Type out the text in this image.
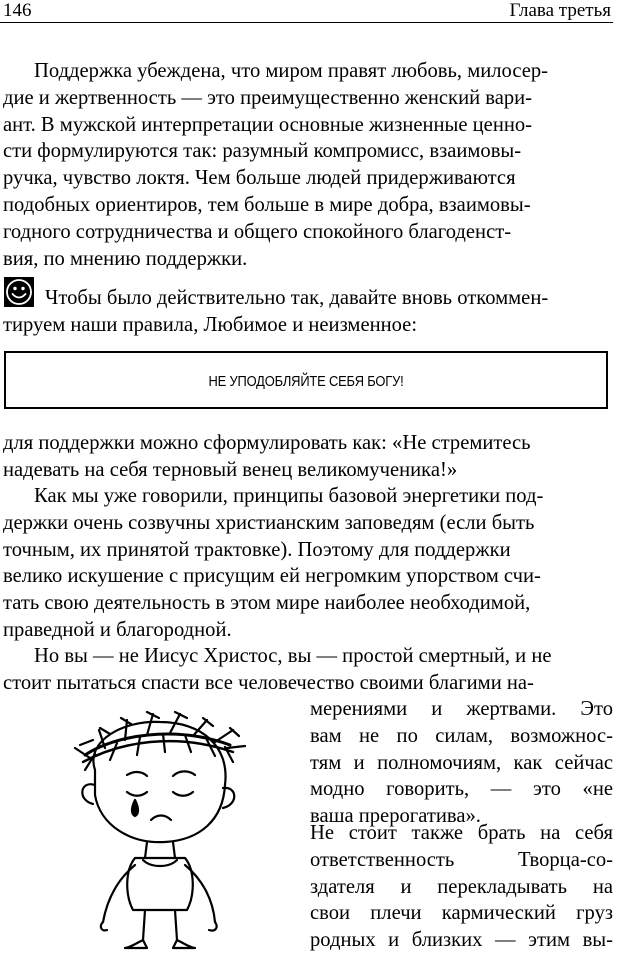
146	Глава третья
Поддержка убеждена, что миром правят любовь, милосер-
дие и жертвенность — это преимущественно женский вари-
ант. В мужской интерпретации основные жизненные ценно-
сти формулируются так: разумный компромисс, взаимовы-
ручка, чувство локтя. Чем больше людей придерживаются
подобных ориентиров, тем больше в мире добра, взаимовы-
годного сотрудничества и общего спокойного благоденст-
вия, по мнению поддержки.
Чтобы было действительно так, давайте вновь откоммен-
тируем наши правила, Любимое и неизменное:
НЕ УПОДОБЛЯЙТЕ СЕБЯ БОГУ!
для поддержки можно сформулировать как: «Не стремитесь
надевать на себя терновый венец великомученика!»
Как мы уже говорили, принципы базовой энергетики под-
держки очень созвучны христианским заповедям (если быть
точным, их принятой трактовке). Поэтому для поддержки
велико искушение с присущим ей негромким упорством счи-
тать свою деятельность в этом мире наиболее необходимой,
праведной и благородной.
Но вы — не Иисус Христос, вы — простой смертный, и не
стоит пытаться спасти все человечество своими благими на-
мерениями и жертвами. Это
вам не по силам, возможнос-
тям и полномочиям, как сейчас
модно говорить, — это «не
ваша прерогатива».
Не стоит также брать на себя
ответственность Творца-со-
здателя и перекладывать на
свои плечи кармический груз
родных и близких — этим вы-
